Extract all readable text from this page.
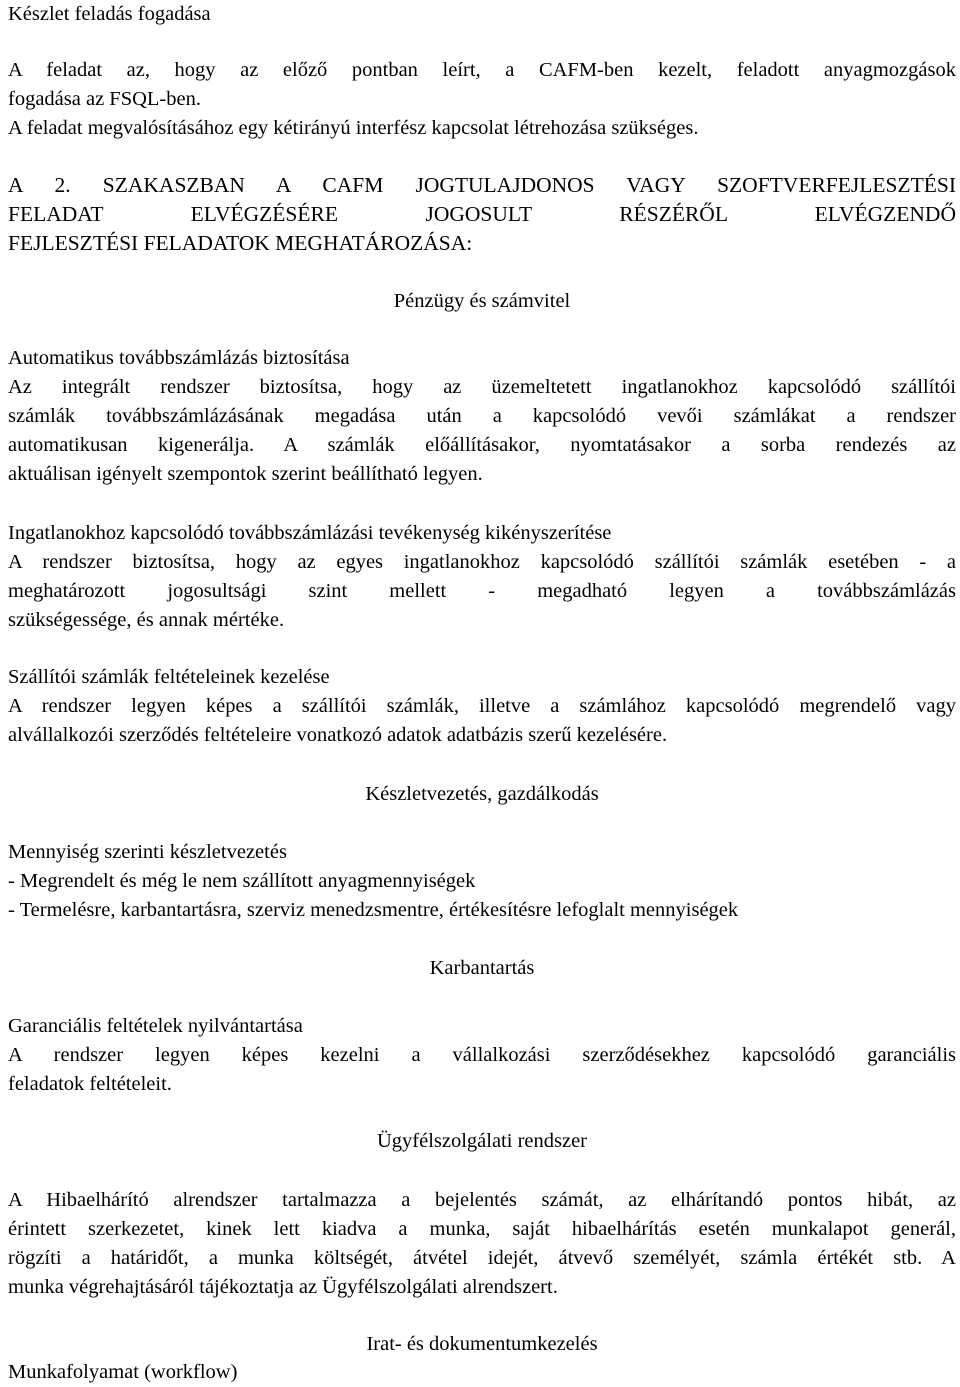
Készlet feladás fogadása
A feladat az, hogy az előző pontban leírt, a CAFM-ben kezelt, feladott anyagmozgások
fogadása az FSQL-ben.
A feladat megvalósításához egy kétirányú interfész kapcsolat létrehozása szükséges.
A 2. SZAKASZBAN A CAFM JOGTULAJDONOS VAGY SZOFTVERFEJLESZTÉSI
FELADAT ELVÉGZÉSÉRE JOGOSULT RÉSZÉRŐL ELVÉGZENDŐ
FEJLESZTÉSI FELADATOK MEGHATÁROZÁSA:
Pénzügy és számvitel
Automatikus továbbszámlázás biztosítása
Az integrált rendszer biztosítsa, hogy az üzemeltetett ingatlanokhoz kapcsolódó szállítói
számlák továbbszámlázásának megadása után a kapcsolódó vevői számlákat a rendszer
automatikusan kigenerálja. A számlák előállításakor, nyomtatásakor a sorba rendezés az
aktuálisan igényelt szempontok szerint beállítható legyen.
Ingatlanokhoz kapcsolódó továbbszámlázási tevékenység kikényszerítése
A rendszer biztosítsa, hogy az egyes ingatlanokhoz kapcsolódó szállítói számlák esetében - a
meghatározott jogosultsági szint mellett - megadható legyen a továbbszámlázás
szükségessége, és annak mértéke.
Szállítói számlák feltételeinek kezelése
A rendszer legyen képes a szállítói számlák, illetve a számlához kapcsolódó megrendelő vagy
alvállalkozói szerződés feltételeire vonatkozó adatok adatbázis szerű kezelésére.
Készletvezetés, gazdálkodás
Mennyiség szerinti készletvezetés
- Megrendelt és még le nem szállított anyagmennyiségek
- Termelésre, karbantartásra, szerviz menedzsmentre, értékesítésre lefoglalt mennyiségek
Karbantartás
Garanciális feltételek nyilvántartása
A rendszer legyen képes kezelni a vállalkozási szerződésekhez kapcsolódó garanciális
feladatok feltételeit.
Ügyfélszolgálati rendszer
A Hibaelhárító alrendszer tartalmazza a bejelentés számát, az elhárítandó pontos hibát, az
érintett szerkezetet, kinek lett kiadva a munka, saját hibaelhárítás esetén munkalapot generál,
rögzíti a határidőt, a munka költségét, átvétel idejét, átvevő személyét, számla értékét stb. A
munka végrehajtásáról tájékoztatja az Ügyfélszolgálati alrendszert.
Irat- és dokumentumkezelés
Munkafolyamat (workflow)
